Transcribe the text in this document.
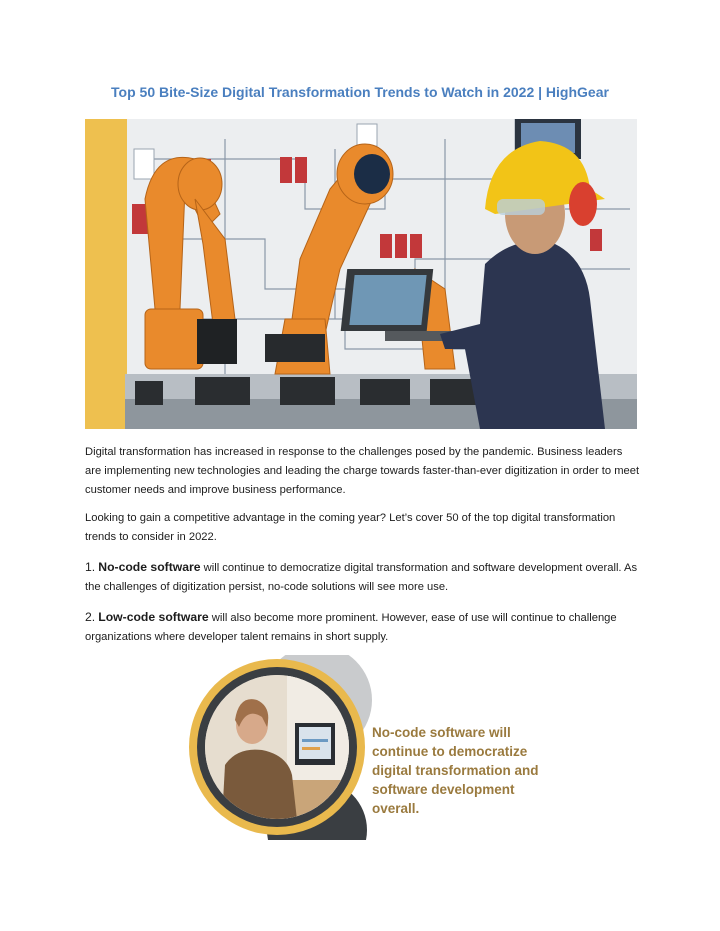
Top 50 Bite-Size Digital Transformation Trends to Watch in 2022 | HighGear

Digital transformation has increased in response to the challenges posed by the pandemic. Business leaders are implementing new technologies and leading the charge towards faster-than-ever digitization in order to meet customer needs and improve business performance.

Looking to gain a competitive advantage in the coming year? Let’s cover 50 of the top digital transformation trends to consider in 2022.

1. No-code software will continue to democratize digital transformation and software development overall. As the challenges of digitization persist, no-code solutions will see more use.

2. Low-code software will also become more prominent. However, ease of use will continue to challenge organizations where developer talent remains in short supply.

No-code software will
continue to democratize
digital transformation and
software development
overall.
